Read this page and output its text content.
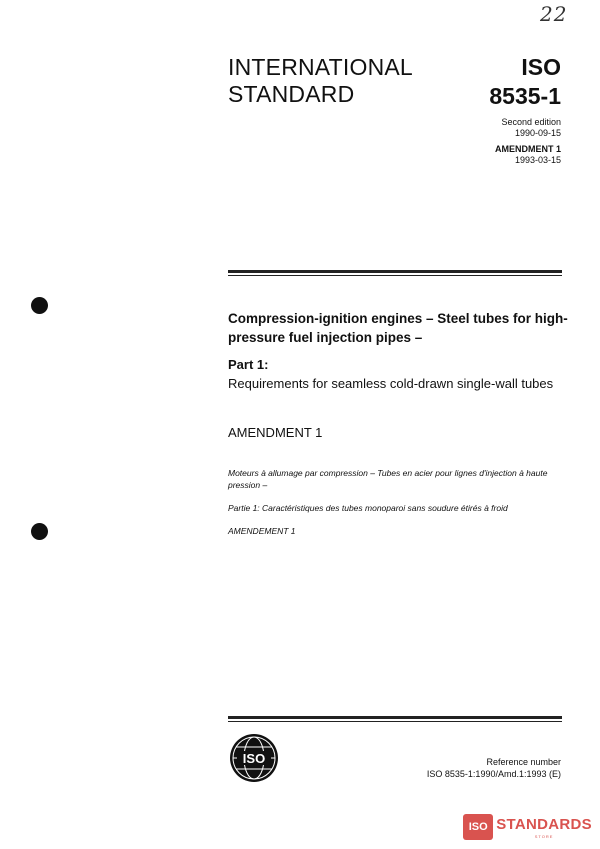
22
INTERNATIONAL
STANDARD
ISO
8535-1
Second edition
1990-09-15
AMENDMENT 1
1993-03-15
Compression-ignition engines – Steel tubes for high-pressure fuel injection pipes –
Part 1:
Requirements for seamless cold-drawn single-wall tubes
AMENDMENT 1
Moteurs à allumage par compression – Tubes en acier pour lignes d'injection à haute pression –
Partie 1: Caractéristiques des tubes monoparoi sans soudure étirés à froid
AMENDEMENT 1
ISO	Reference number
ISO 8535-1:1990/Amd.1:1993 (E)
ISO STANDARDS
STORE
